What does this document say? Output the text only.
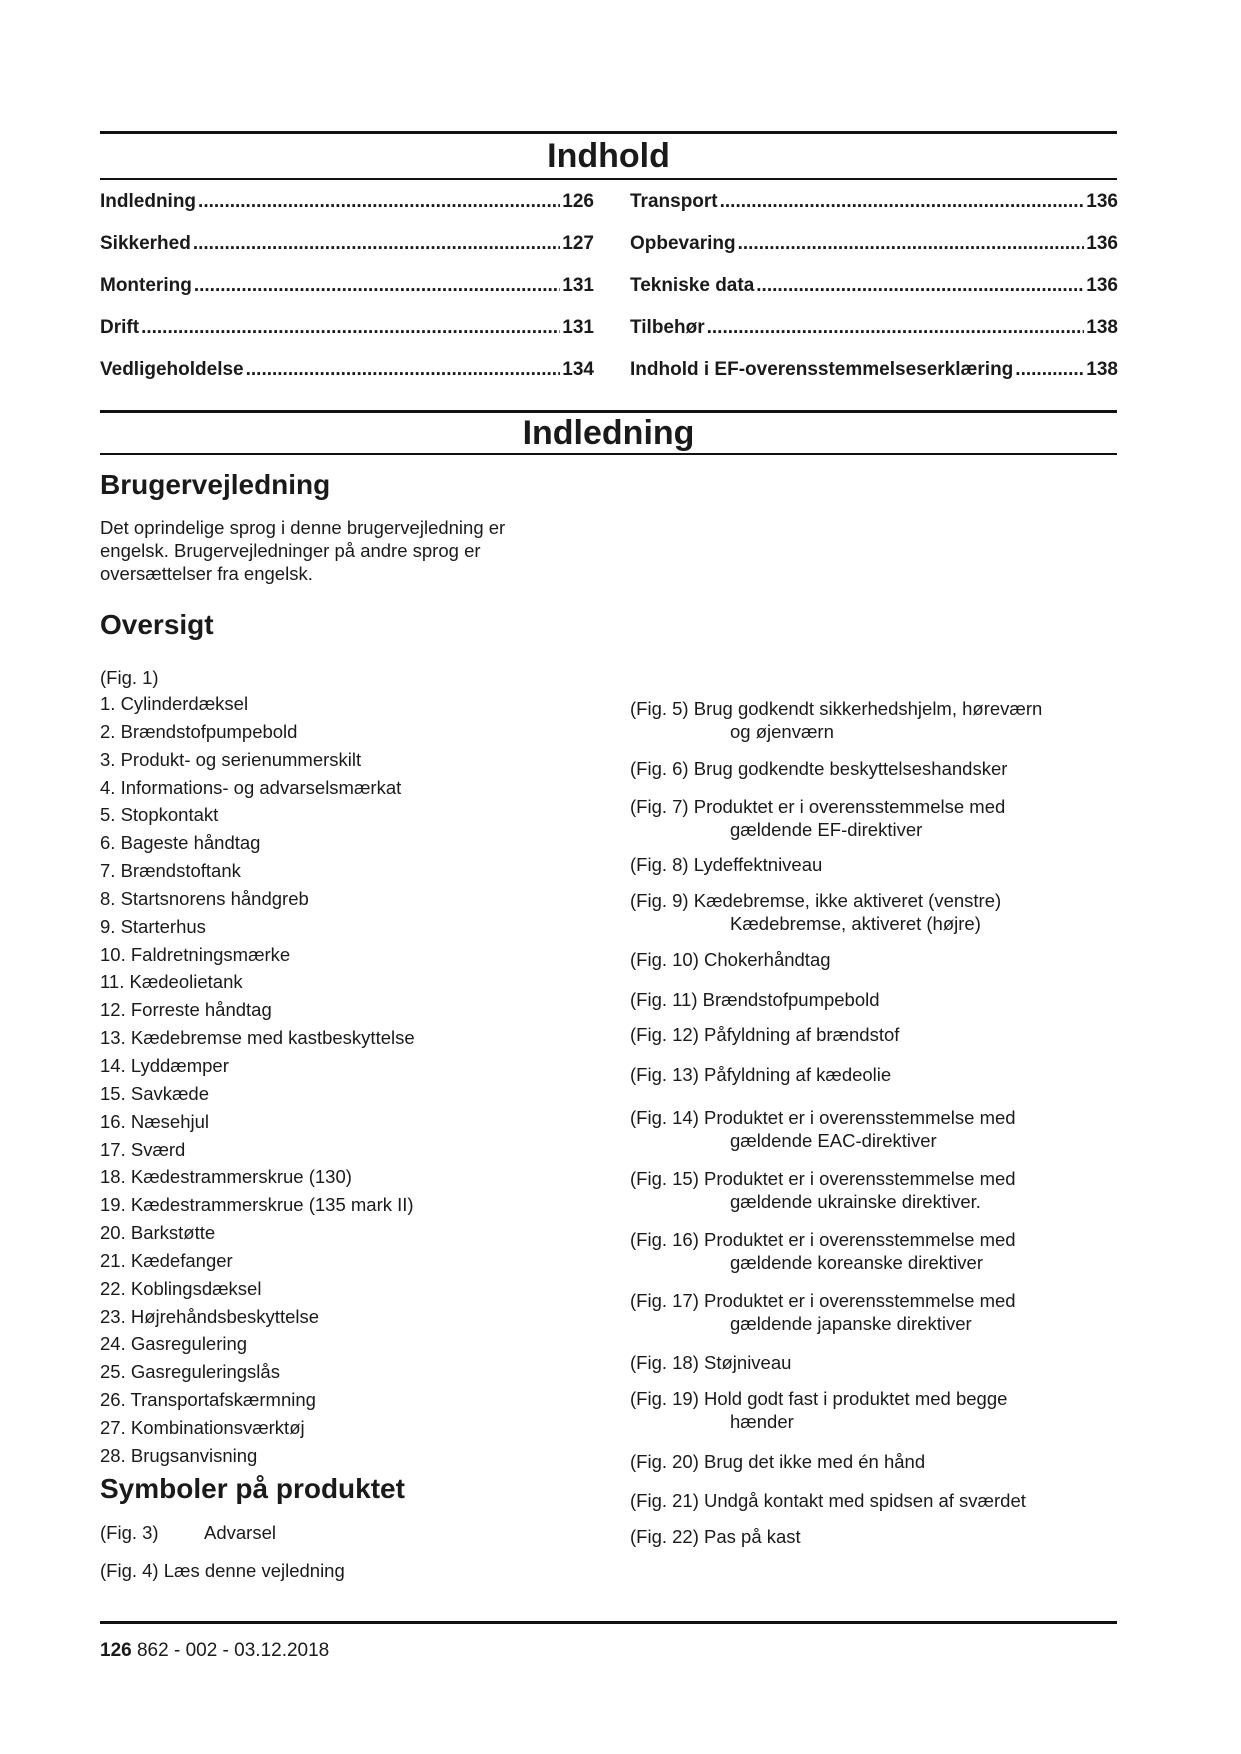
Indhold
Indledning .....	126
Sikkerhed .....	127
Montering .....	131
Drift .....	131
Vedligeholdelse .....	134
Transport .....	136
Opbevaring .....	136
Tekniske data .....	136
Tilbehør .....	138
Indhold i EF-overensstemmelseserklæring .....	138
Indledning
Brugervejledning

Det oprindelige sprog i denne brugervejledning er engelsk. Brugervejledninger på andre sprog er oversættelser fra engelsk.

Oversigt
(Fig. 1)
1. Cylinderdæksel
2. Brændstofpumpebold
3. Produkt- og serienummerskilt
4. Informations- og advarselsmærkat
5. Stopkontakt
6. Bageste håndtag
7. Brændstoftank
8. Startsnorens håndgreb
9. Starterhus
10. Faldretningsmærke
11. Kædeolietank
12. Forreste håndtag
13. Kædebremse med kastbeskyttelse
14. Lyddæmper
15. Savkæde
16. Næsehjul
17. Sværd
18. Kædestrammerskrue (130)
19. Kædestrammerskrue (135 mark II)
20. Barkstøtte
21. Kædefanger
22. Koblingsdæksel
23. Højrehåndsbeskyttelse
24. Gasregulering
25. Gasreguleringslås
26. Transportafskærmning
27. Kombinationsværktøj
28. Brugsanvisning
Symboler på produktet
(Fig. 3) Advarsel
(Fig. 4) Læs denne vejledning
(Fig. 5) Brug godkendt sikkerhedshjelm, høreværn
og øjenværn
(Fig. 6) Brug godkendte beskyttelseshandsker
(Fig. 7) Produktet er i overensstemmelse med
gældende EF-direktiver
(Fig. 8) Lydeffektniveau
(Fig. 9) Kædebremse, ikke aktiveret (venstre)
Kædebremse, aktiveret (højre)
(Fig. 10) Chokerhåndtag
(Fig. 11) Brændstofpumpebold
(Fig. 12) Påfyldning af brændstof
(Fig. 13) Påfyldning af kædeolie
(Fig. 14) Produktet er i overensstemmelse med
gældende EAC-direktiver
(Fig. 15) Produktet er i overensstemmelse med
gældende ukrainske direktiver.
(Fig. 16) Produktet er i overensstemmelse med
gældende koreanske direktiver
(Fig. 17) Produktet er i overensstemmelse med
gældende japanske direktiver
(Fig. 18) Støjniveau
(Fig. 19) Hold godt fast i produktet med begge
hænder
(Fig. 20) Brug det ikke med én hånd
(Fig. 21) Undgå kontakt med spidsen af sværdet
(Fig. 22) Pas på kast
126 862 - 002 - 03.12.2018
